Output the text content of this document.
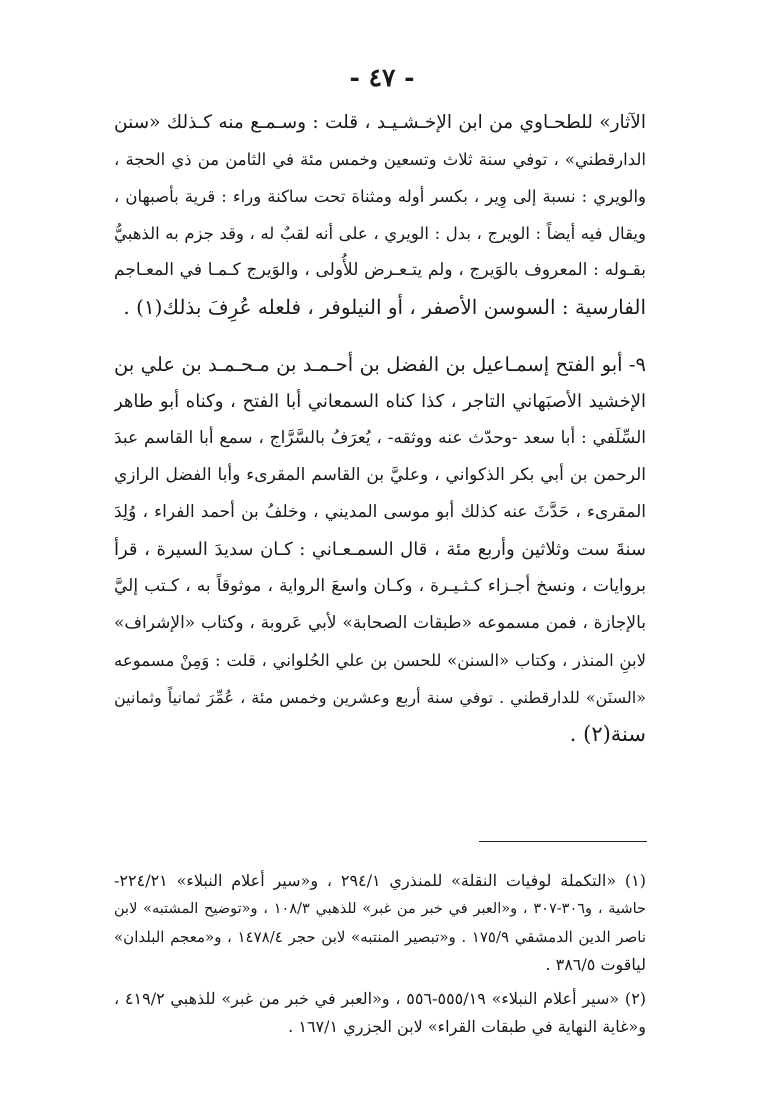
- ٤٧ -

الآثار» للطحـاوي من ابن الإخـشـيـد ، قلت : وسـمـع منه كـذلك «سنن
الدارقطني» ، توفي سنة ثلاث وتسعين وخمس مئة في الثامن من ذي الحجة ،
والويري : نسبة إلى وِير ، بكسر أوله ومثناة تحت ساكنة وراء : قرية بأصبهان ،
ويقال فيه أيضاً : الويرج ، بدل : الويري ، على أنه لقبٌ له ، وقد جزم به الذهبيُّ
بقـوله : المعروف بالوَيرج ، ولم يتـعـرض للأُولى ، والوَيرج كـمـا في المعـاجم
الفارسية : السوسن الأصفر ، أو النيلوفر ، فلعله عُرِفَ بذلك(١) .

٩- أبو الفتح إسمـاعيل بن الفضل بن أحـمـد بن مـحـمـد بن علي بن
الإخشيد الأصبَهاني التاجر ، كذا كناه السمعاني أبا الفتح ، وكناه أبو طاهر
السِّلَفي : أبا سعد -وحدّث عنه ووثقه- ، يُعرَفُ بالسَّرَّاج ، سمع أبا القاسم عبدَ
الرحمن بن أبي بكر الذكواني ، وعليَّ بن القاسم المقرىء وأبا الفضل الرازي
المقرىء ، حَدَّثَ عنه كذلك أبو موسى المديني ، وخلفُ بن أحمد الفراء ، وُلِدَ
سنةَ ست وثلاثين وأربع مئة ، قال السمـعـاني : كـان سديدَ السيرة ، قرأ
بروايات ، ونسخ أجـزاء كـثـيـرة ، وكـان واسعَ الرواية ، موثوقاً به ، كـتب إليَّ
بالإجازة ، فمن مسموعه «طبقات الصحابة» لأبي عَروبة ، وكتاب «الإشراف»
لابنِ المنذر ، وكتاب «السنن» للحسن بن علي الحُلواني ، قلت : وَمِنْ مسموعه
«السنَن» للدارقطني . توفي سنة أربع وعشرين وخمس مئة ، عُمِّرَ ثمانياً وثمانين
سنة(٢) .

(١) «التكملة لوفيات النقلة» للمنذري ٢٩٤/١ ، و«سير أعلام النبلاء» ٢٢٤/٢١-
حاشية ، و٣٠٦-٣٠٧ ، و«العبر في خبر من غبر» للذهبي ١٠٨/٣ ، و«توضيح المشتبه» لابن
ناصر الدين الدمشقي ١٧٥/٩ . و«تبصير المنتبه» لابن حجر ١٤٧٨/٤ ، و«معجم البلدان»
لياقوت ٣٨٦/٥ .

(٢) «سير أعلام النبلاء» ٥٥٥/١٩-٥٥٦ ، و«العبر في خبر من غبر» للذهبي ٤١٩/٢ ،
و«غاية النهاية في طبقات القراء» لابن الجزري ١٦٧/١ .
